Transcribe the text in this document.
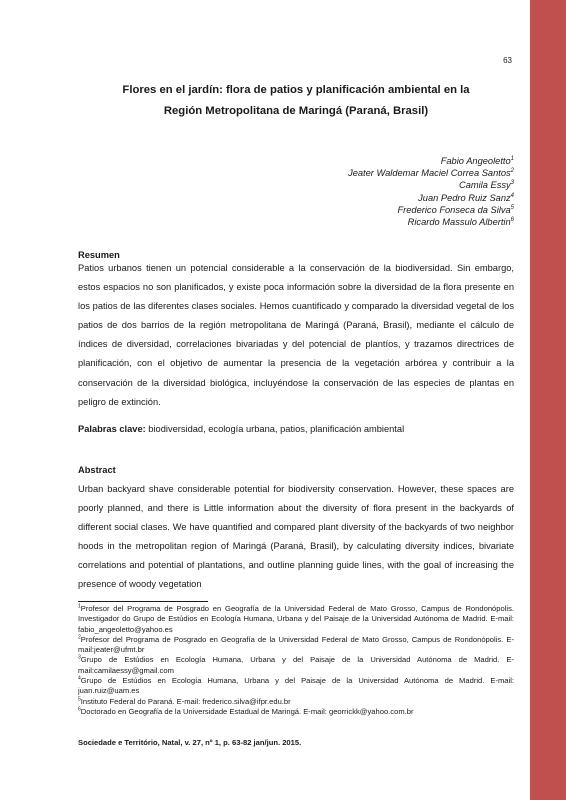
63
Flores en el jardín: flora de patios y planificación ambiental en la
Región Metropolitana de Maringá (Paraná, Brasil)
Fabio Angeoletto$^1$
Jeater Waldemar Maciel Correa Santos$^2$
Camila Essy$^3$
Juan Pedro Ruiz Sanz$^4$
Frederico Fonseca da Silva$^5$
Ricardo Massulo Albertin$^6$
Resumen

Patios urbanos tienen un potencial considerable a la conservación de la biodiversidad. Sin embargo, estos espacios no son planificados, y existe poca información sobre la diversidad de la flora presente en los patios de las diferentes clases sociales. Hemos cuantificado y comparado la diversidad vegetal de los patios de dos barrios de la región metropolitana de Maringá (Paraná, Brasil), mediante el cálculo de índices de diversidad, correlaciones bivariadas y del potencial de plantíos, y trazamos directrices de planificación, con el objetivo de aumentar la presencia de la vegetación arbórea y contribuir a la conservación de la diversidad biológica, incluyéndose la conservación de las especies de plantas en peligro de extinción.

Palabras clave: biodiversidad, ecología urbana, patios, planificación ambiental
Abstract

Urban backyard shave considerable potential for biodiversity conservation. However, these spaces are poorly planned, and there is Little information about the diversity of flora present in the backyards of different social clases. We have quantified and compared plant diversity of the backyards of two neighbor hoods in the metropolitan region of Maringá (Paraná, Brasil), by calculating diversity indices, bivariate correlations and potential of plantations, and outline planning guide lines, with the goal of increasing the presence of woody vegetation

$^1$Profesor del Programa de Posgrado en Geografía de la Universidad Federal de Mato Grosso, Campus de Rondonópolis. Investigador do Grupo de Estúdios en Ecología Humana, Urbana y del Paisaje de la Universidad Autónoma de Madrid. E-mail: fabio_angeoletto@yahoo.es

$^2$Profesor del Programa de Posgrado en Geografía de la Universidad Federal de Mato Grosso, Campus de Rondonópolis. E-mail:jeater@ufmt.br

$^3$Grupo de Estúdios en Ecología Humana, Urbana y del Paisaje de la Universidad Autónoma de Madrid. E-mail:camilaessy@gmail.com

$^4$Grupo de Estúdios en Ecología Humana, Urbana y del Paisaje de la Universidad Autónoma de Madrid. E-mail: juan.ruiz@uam.es

$^5$Instituto Federal do Paraná. E-mail: frederico.silva@ifpr.edu.br

$^6$Doctorado en Geografía de la Universidade Estadual de Maringá. E-mail: georrickk@yahoo.com.br

Sociedade e Território, Natal, v. 27, nº 1, p. 63-82 jan/jun. 2015.
